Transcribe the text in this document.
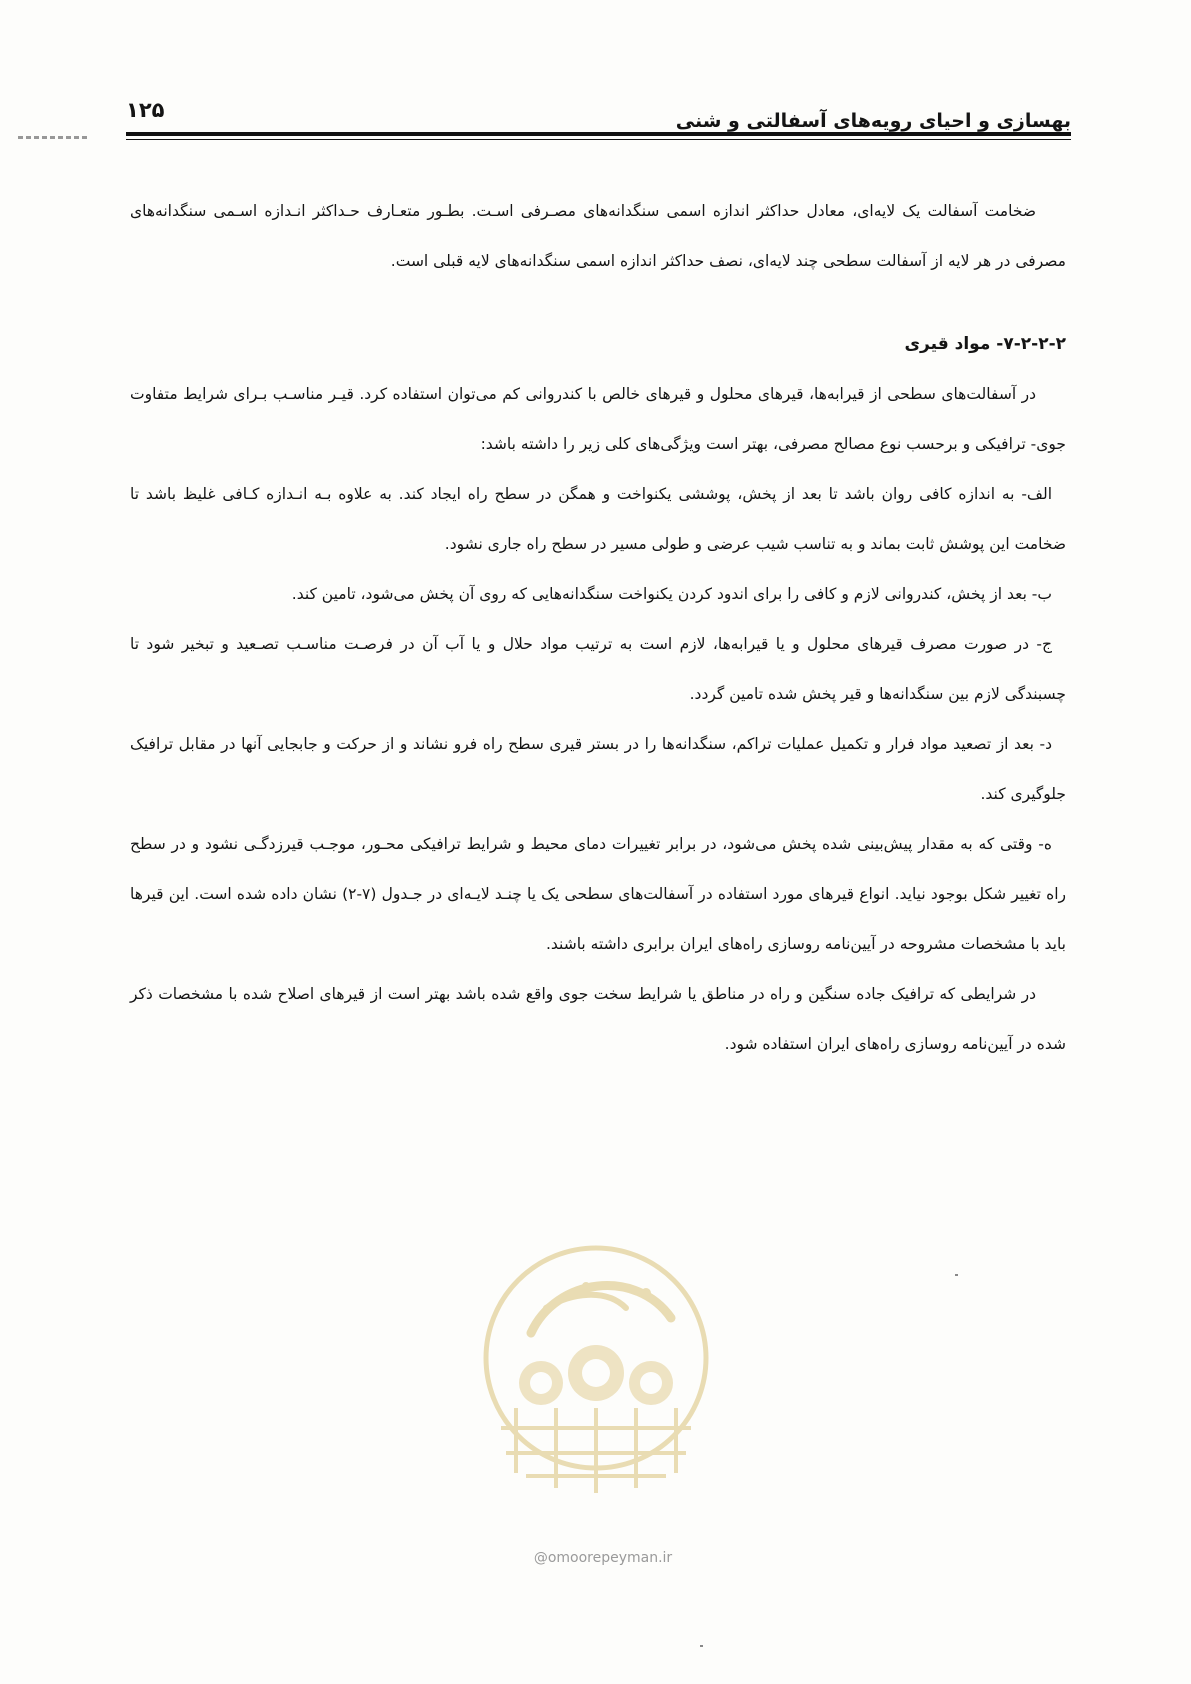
۱۲۵	بهسازی و احیای رویه‌های آسفالتی و شنی

ضخامت آسفالت یک لایه‌ای، معادل حداکثر اندازه اسمی سنگدانه‌های مصـرفی اسـت. بطـور متعـارف حـداکثر انـدازه اسـمی سنگدانه‌های مصرفی در هر لایه از آسفالت سطحی چند لایه‌ای، نصف حداکثر اندازه اسمی سنگدانه‌های لایه قبلی است.

۷-۲-۲-۲- مواد قیری

در آسفالت‌های سطحی از قیرابه‌ها، قیرهای محلول و قیرهای خالص با کندروانی کم می‌توان استفاده کرد. قیـر مناسـب بـرای شرایط متفاوت جوی- ترافیکی و برحسب نوع مصالح مصرفی، بهتر است ویژگی‌های کلی زیر را داشته باشد:

الف- به اندازه کافی روان باشد تا بعد از پخش، پوششی یکنواخت و همگن در سطح راه ایجاد کند. به علاوه بـه انـدازه کـافی غلیظ باشد تا ضخامت این پوشش ثابت بماند و به تناسب شیب عرضی و طولی مسیر در سطح راه جاری نشود.

ب- بعد از پخش، کندروانی لازم و کافی را برای اندود کردن یکنواخت سنگدانه‌هایی که روی آن پخش می‌شود، تامین کند.

ج- در صورت مصرف قیرهای محلول و یا قیرابه‌ها، لازم است به ترتیب مواد حلال و یا آب آن در فرصـت مناسـب تصـعید و تبخیر شود تا چسبندگی لازم بین سنگدانه‌ها و قیر پخش شده تامین گردد.

د- بعد از تصعید مواد فرار و تکمیل عملیات تراکم، سنگدانه‌ها را در بستر قیری سطح راه فرو نشاند و از حرکت و جابجایی آنها در مقابل ترافیک جلوگیری کند.

ه- وقتی که به مقدار پیش‌بینی شده پخش می‌شود، در برابر تغییرات دمای محیط و شرایط ترافیکی محـور، موجـب قیرزدگـی نشود و در سطح راه تغییر شکل بوجود نیاید. انواع قیرهای مورد استفاده در آسفالت‌های سطحی یک یا چنـد لایـه‌ای در جـدول (۷-۲) نشان داده شده است. این قیرها باید با مشخصات مشروحه در آیین‌نامه روسازی راه‌های ایران برابری داشته باشند.

در شرایطی که ترافیک جاده سنگین و راه در مناطق یا شرایط سخت جوی واقع شده باشد بهتر است از قیرهای اصلاح شده با مشخصات ذکر شده در آیین‌نامه روسازی راه‌های ایران استفاده شود.

@omoorepeyman.ir
